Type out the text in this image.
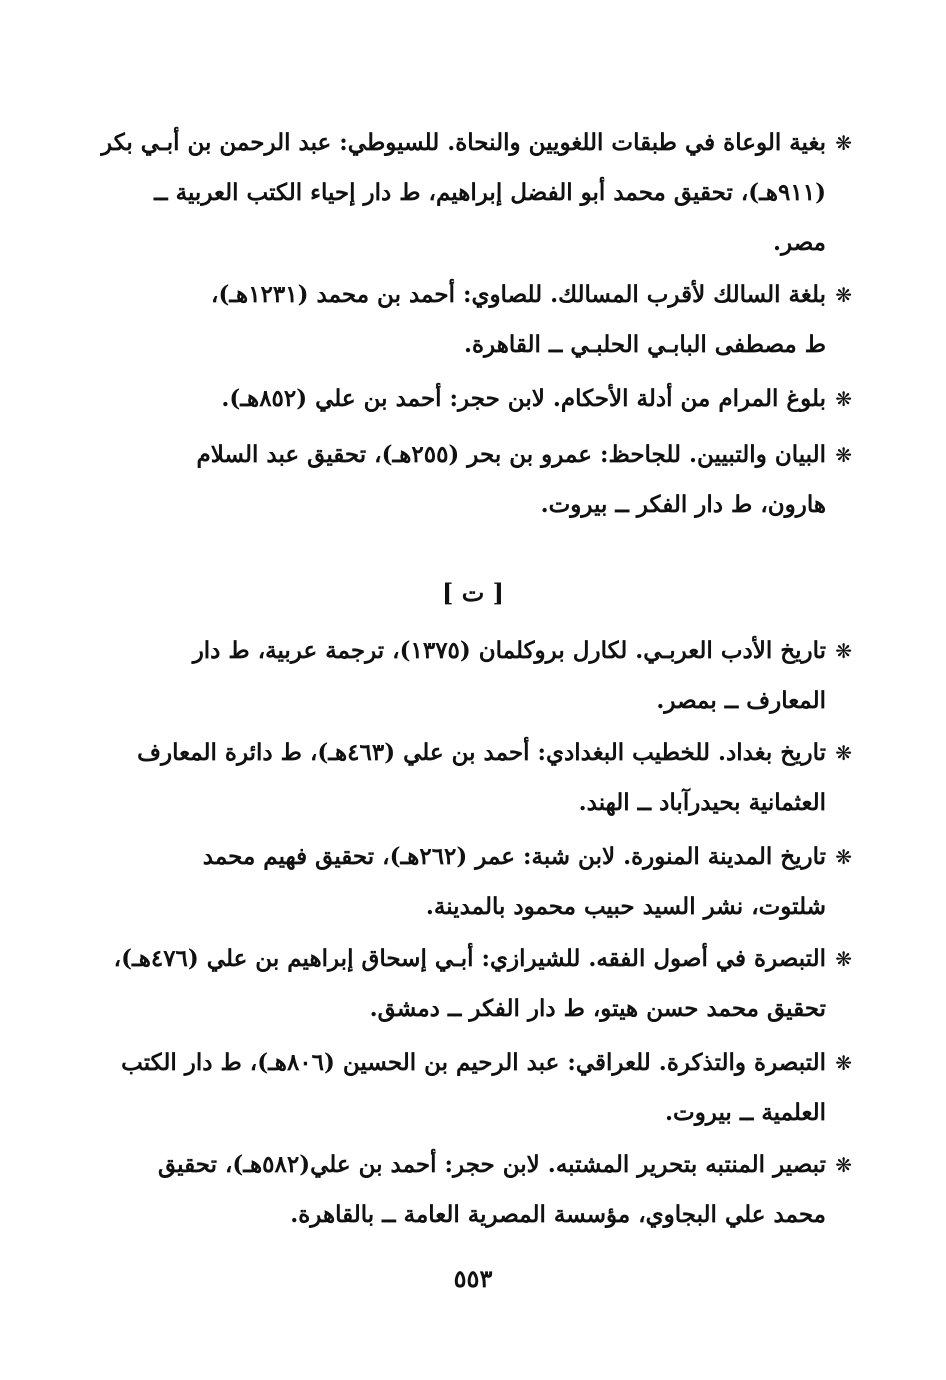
❋بغية الوعاة في طبقات اللغويين والنحاة. للسيوطي: عبد الرحمن بن أبـي بكر
(٩١١هـ)، تحقيق محمد أبو الفضل إبراهيم، ط دار إحياء الكتب العربية ــ
مصر.
❋بلغة السالك لأقرب المسالك. للصاوي: أحمد بن محمد (١٢٣١هـ)،
ط مصطفى البابـي الحلبـي ــ القاهرة.
❋بلوغ المرام من أدلة الأحكام. لابن حجر: أحمد بن علي (٨٥٢هـ).
❋البيان والتبيين. للجاحظ: عمرو بن بحر (٢٥٥هـ)، تحقيق عبد السلام
هارون، ط دار الفكر ــ بيروت.
[ ت ]
❋تاريخ الأدب العربـي. لكارل بروكلمان (١٣٧٥)، ترجمة عربية، ط دار
المعارف ــ بمصر.
❋تاريخ بغداد. للخطيب البغدادي: أحمد بن علي (٤٦٣هـ)، ط دائرة المعارف
العثمانية بحيدرآباد ــ الهند.
❋تاريخ المدينة المنورة. لابن شبة: عمر (٢٦٢هـ)، تحقيق فهيم محمد
شلتوت، نشر السيد حبيب محمود بالمدينة.
❋التبصرة في أصول الفقه. للشيرازي: أبـي إسحاق إبراهيم بن علي (٤٧٦هـ)،
تحقيق محمد حسن هيتو، ط دار الفكر ــ دمشق.
❋التبصرة والتذكرة. للعراقي: عبد الرحيم بن الحسين (٨٠٦هـ)، ط دار الكتب
العلمية ــ بيروت.
❋تبصير المنتبه بتحرير المشتبه. لابن حجر: أحمد بن علي(٥٨٢هـ)، تحقيق
محمد علي البجاوي، مؤسسة المصرية العامة ــ بالقاهرة.
٥٥٣
